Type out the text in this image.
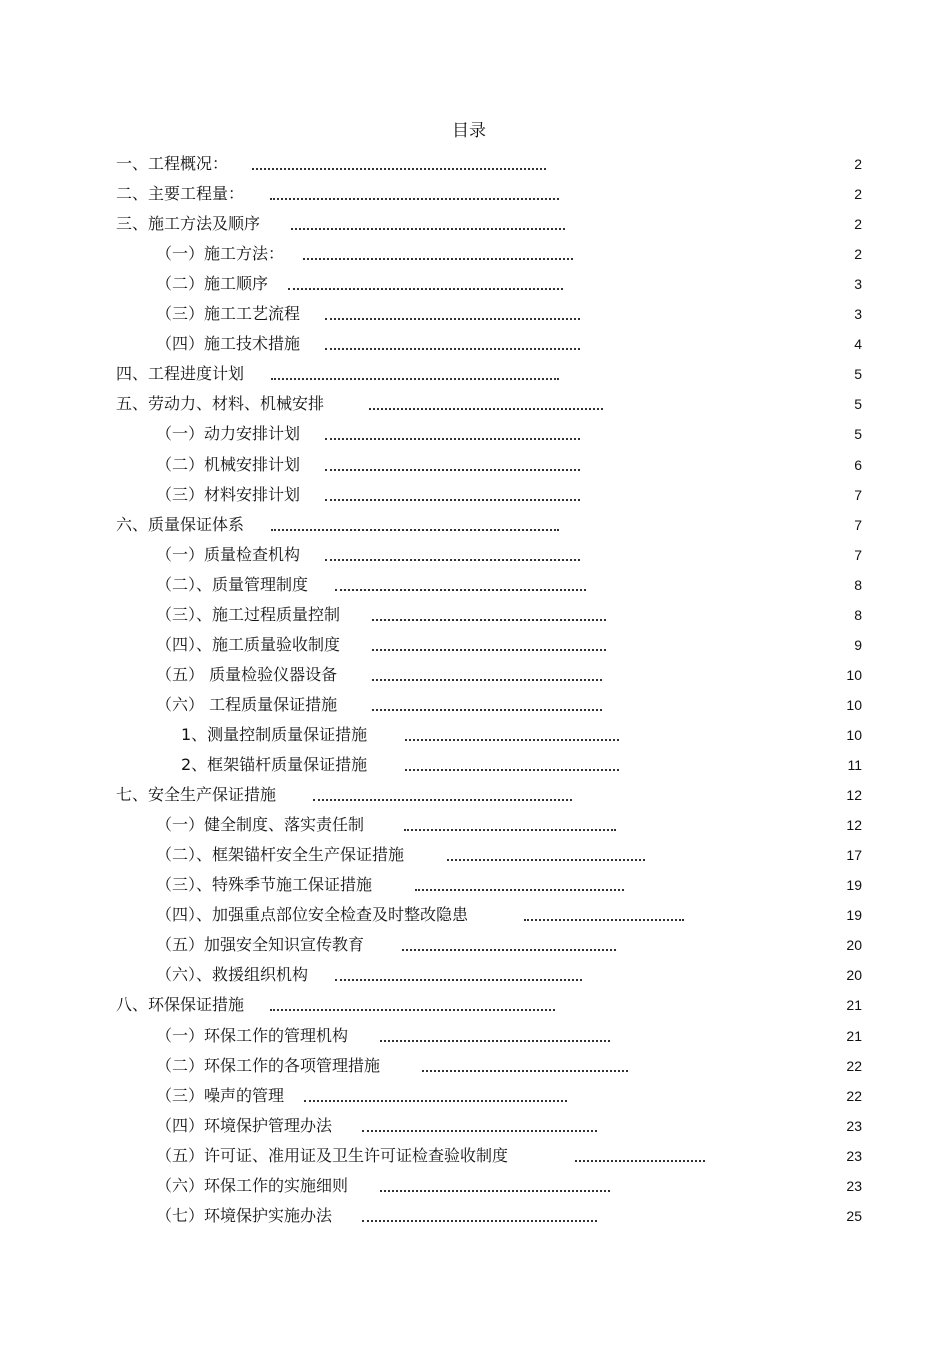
目录
一、工程概况：	2
二、主要工程量：	2
三、施工方法及顺序	2
（一）施工方法：	2
（二）施工顺序	3
（三）施工工艺流程	3
（四）施工技术措施	4
四、工程进度计划	5
五、劳动力、材料、机械安排	5
（一）动力安排计划	5
（二）机械安排计划	6
（三）材料安排计划	7
六、质量保证体系	7
（一）质量检查机构	7
（二）、质量管理制度	8
（三）、施工过程质量控制	8
（四）、施工质量验收制度	9
（五） 质量检验仪器设备	10
（六） 工程质量保证措施	10
1、测量控制质量保证措施	10
2、框架锚杆质量保证措施	11
七、安全生产保证措施	12
（一）健全制度、落实责任制	12
（二）、框架锚杆安全生产保证措施	17
（三）、特殊季节施工保证措施	19
（四）、加强重点部位安全检查及时整改隐患	19
（五）加强安全知识宣传教育	20
（六）、救援组织机构	20
八、环保保证措施	21
（一）环保工作的管理机构	21
（二）环保工作的各项管理措施	22
（三）噪声的管理	22
（四）环境保护管理办法	23
（五）许可证、准用证及卫生许可证检查验收制度	23
（六）环保工作的实施细则	23
（七）环境保护实施办法	25
